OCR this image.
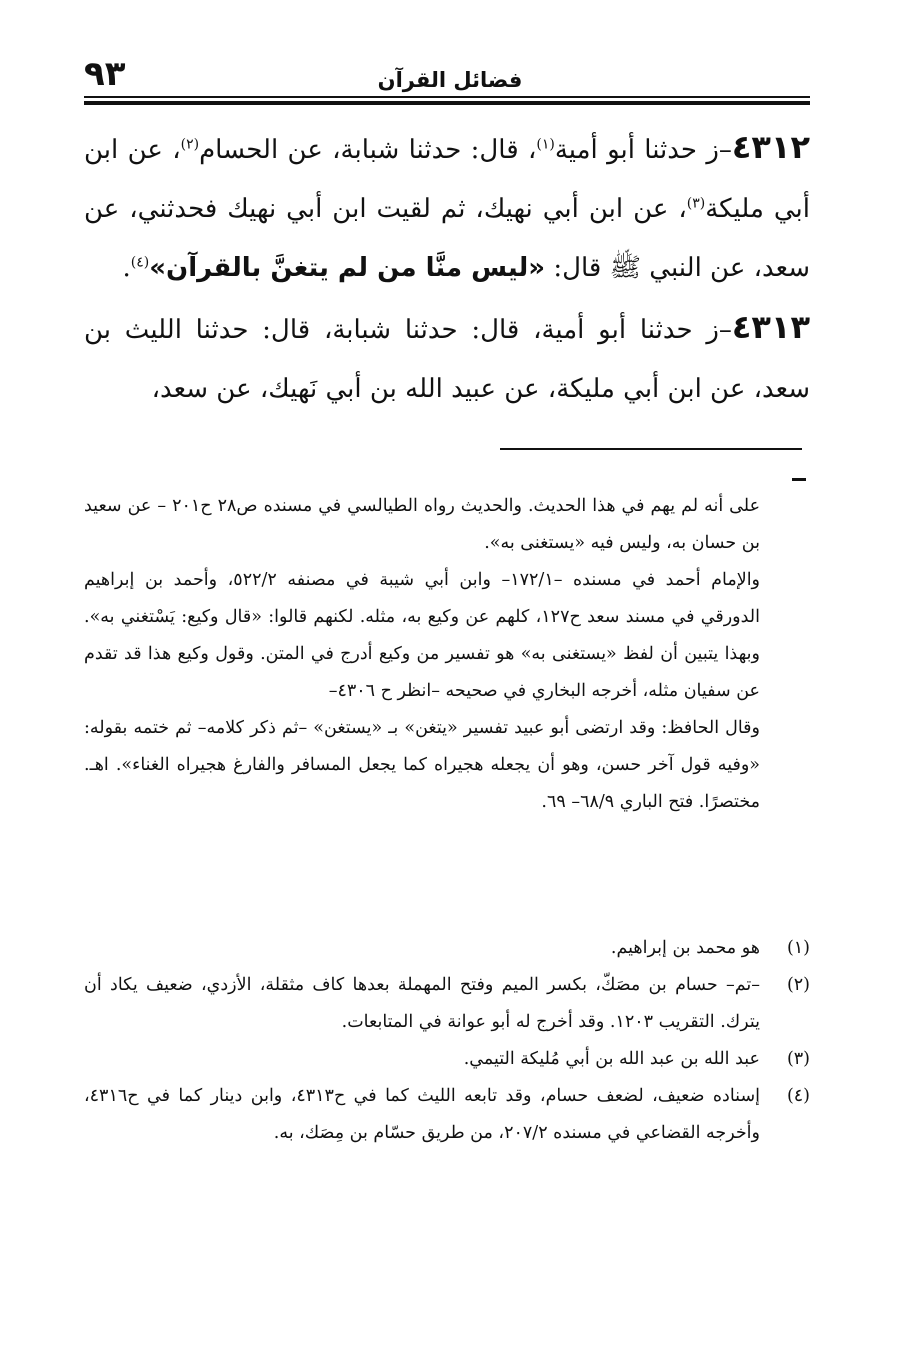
٩٣	فضائل القرآن

٤٣١٢–ز حدثنا أبو أمية$^{(١)}$، قال: حدثنا شبابة، عن الحسام$^{(٢)}$، عن ابن أبي مليكة$^{(٣)}$، عن ابن أبي نهيك، ثم لقيت ابن أبي نهيك فحدثني، عن سعد، عن النبي ﷺ قال: «ليس منَّا من لم يتغنَّ بالقرآن»$^{(٤)}$.

٤٣١٣–ز حدثنا أبو أمية، قال: حدثنا شبابة، قال: حدثنا الليث بن سعد، عن ابن أبي مليكة، عن عبيد الله بن أبي نَهيك، عن سعد،

على أنه لم يهم في هذا الحديث. والحديث رواه الطيالسي في مسنده ص٢٨ ح٢٠١ – عن سعيد بن حسان به، وليس فيه «يستغنى به».

والإمام أحمد في مسنده –١٧٢/١– وابن أبي شيبة في مصنفه ٥٢٢/٢، وأحمد بن إبراهيم الدورقي في مسند سعد ح١٢٧، كلهم عن وكيع به، مثله. لكنهم قالوا: «قال وكيع: يَسْتغني به». وبهذا يتبين أن لفظ «يستغنى به» هو تفسير من وكيع أدرج في المتن. وقول وكيع هذا قد تقدم عن سفيان مثله، أخرجه البخاري في صحيحه –انظر ح ٤٣٠٦–

وقال الحافظ: وقد ارتضى أبو عبيد تفسير «يتغن» بـ «يستغن» –ثم ذكر كلامه– ثم ختمه بقوله: «وفيه قول آخر حسن، وهو أن يجعله هجيراه كما يجعل المسافر والفارغ هجيراه الغناء». اهـ. مختصرًا. فتح الباري ٦٨/٩– ٦٩.

(١)
هو محمد بن إبراهيم.
(٢)
–تم– حسام بن مصَكّ، بكسر الميم وفتح المهملة بعدها كاف مثقلة، الأزدي، ضعيف يكاد أن يترك. التقريب ١٢٠٣. وقد أخرج له أبو عوانة في المتابعات.
(٣)
عبد الله بن عبد الله بن أبي مُليكة التيمي.
(٤)
إسناده ضعيف، لضعف حسام، وقد تابعه الليث كما في ح٤٣١٣، وابن دينار كما في ح٤٣١٦، وأخرجه القضاعي في مسنده ٢٠٧/٢، من طريق حسّام بن مِصَك، به.
